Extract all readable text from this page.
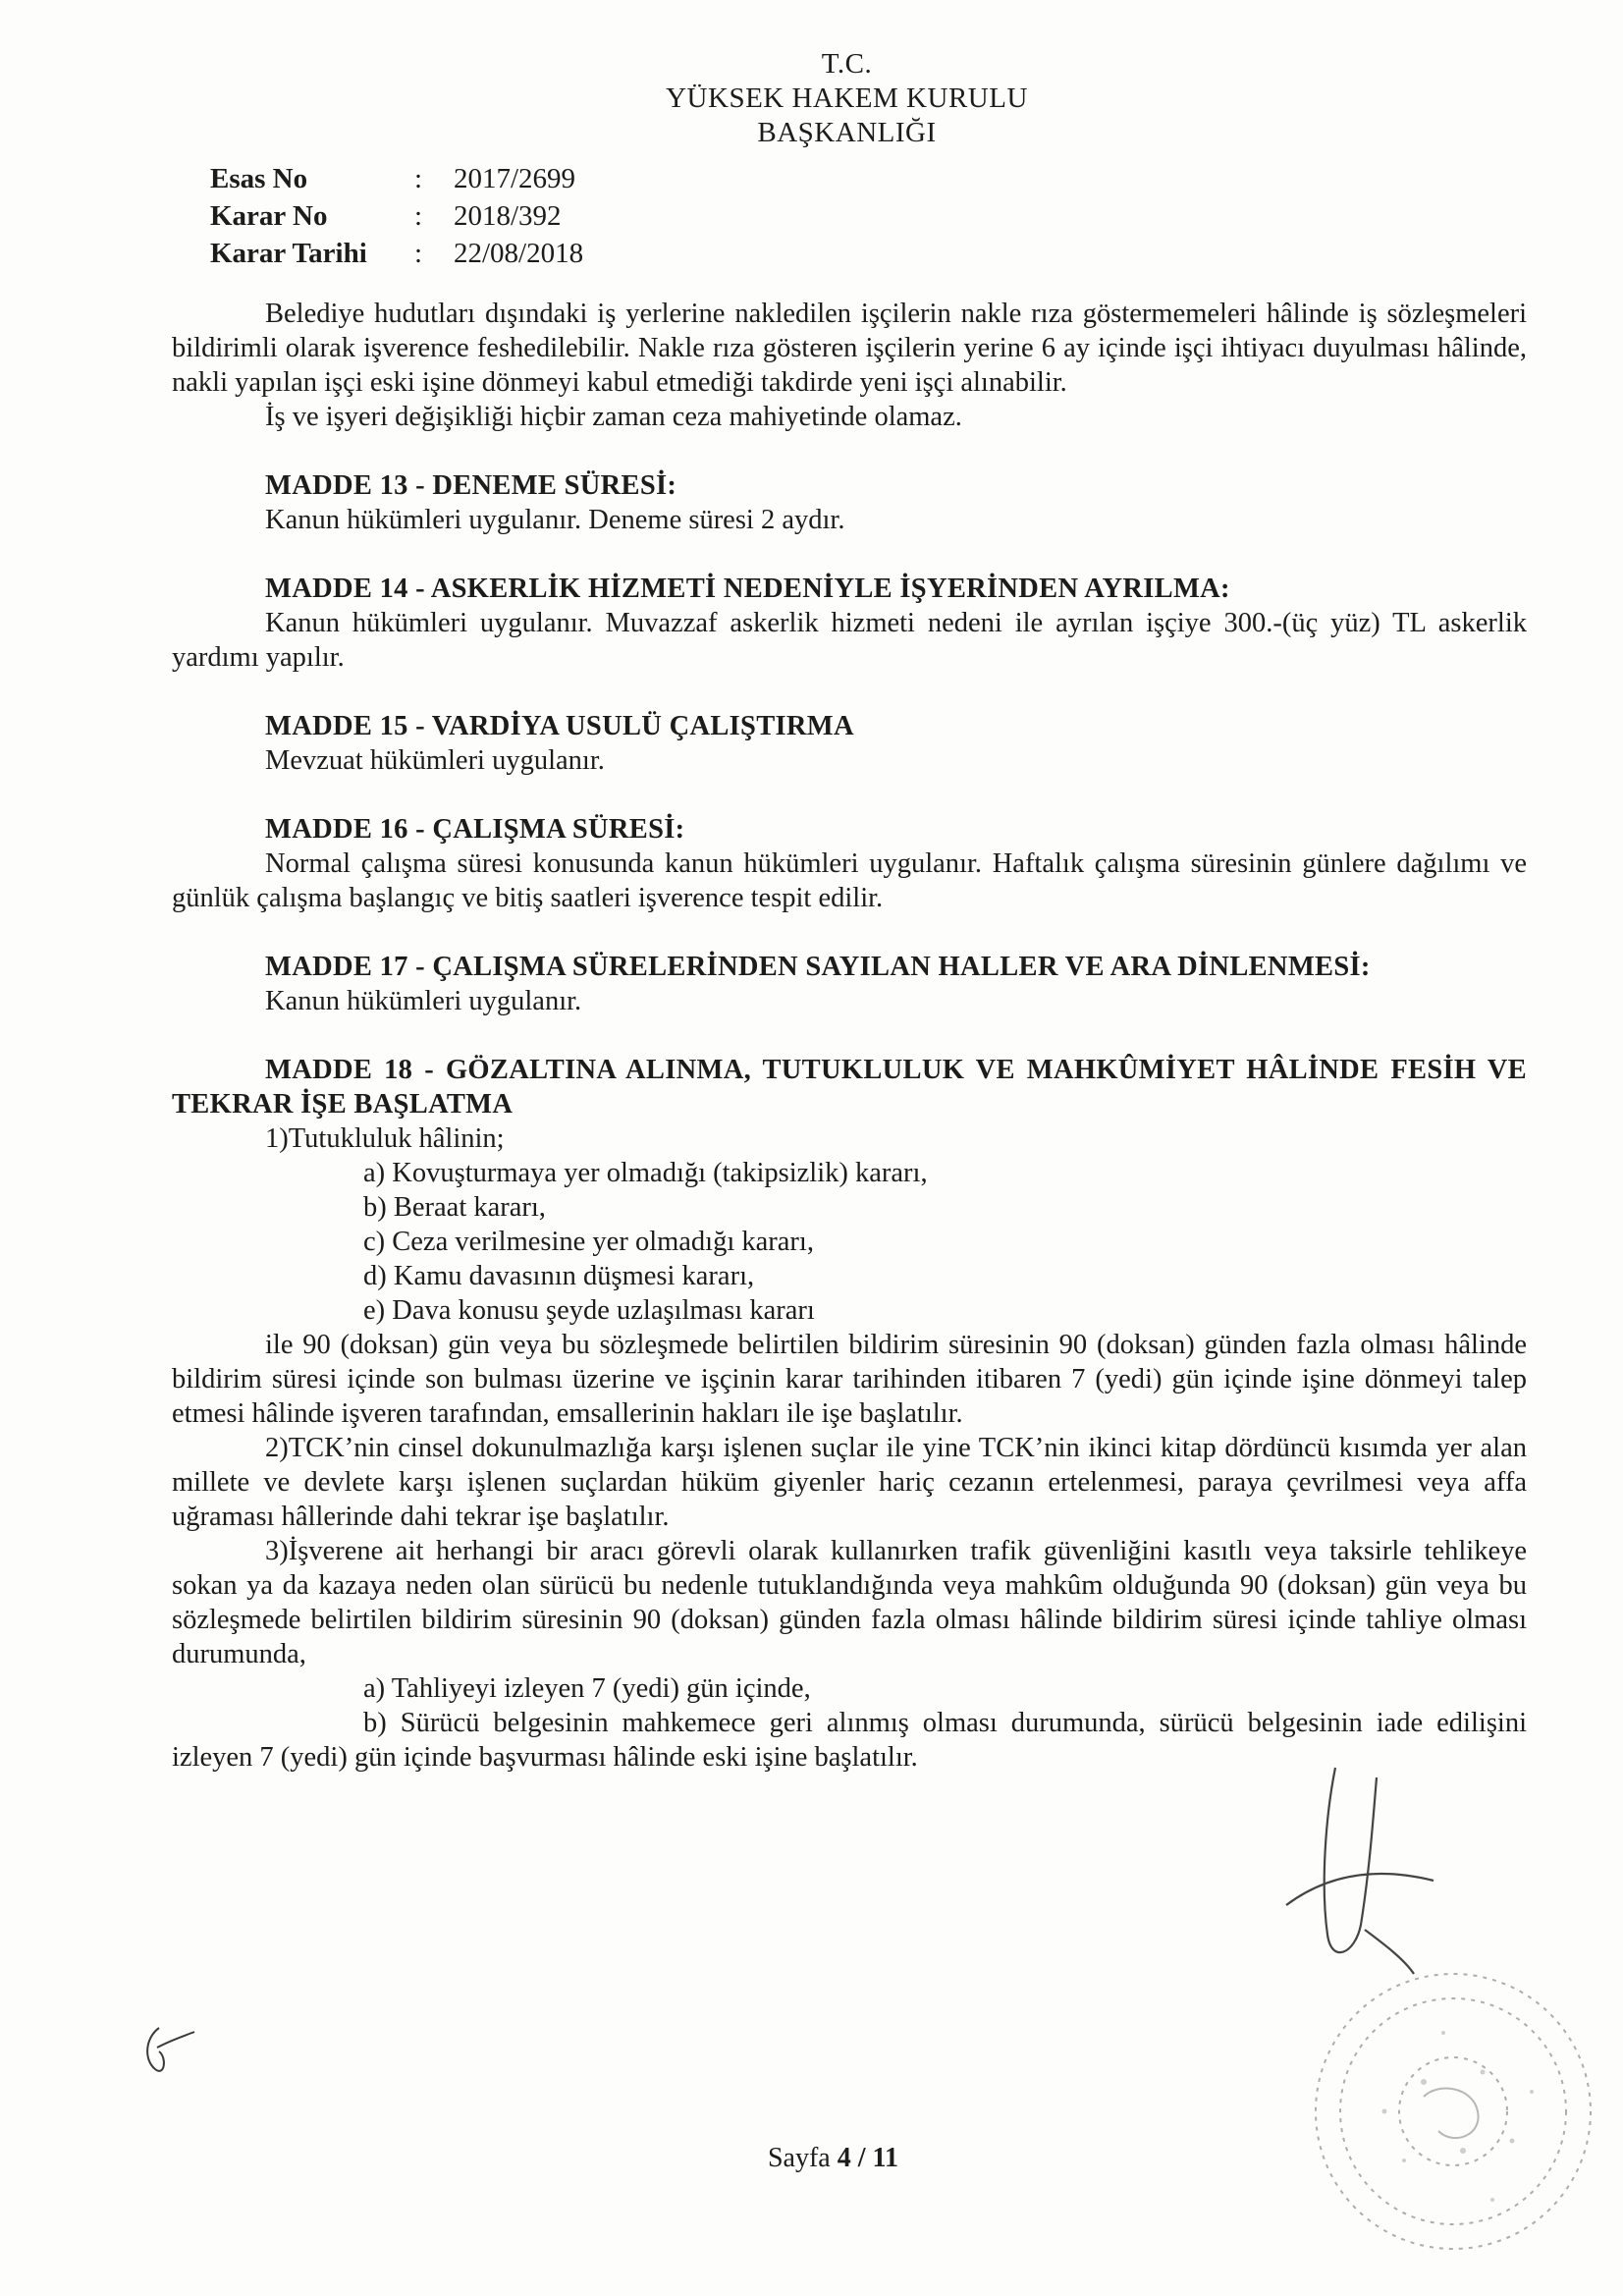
T.C.
YÜKSEK HAKEM KURULU
BAŞKANLIĞI
Esas No	:	2017/2699
Karar No	:	2018/392
Karar Tarihi	:	22/08/2018

Belediye hudutları dışındaki iş yerlerine nakledilen işçilerin nakle rıza göstermemeleri hâlinde iş sözleşmeleri bildirimli olarak işverence feshedilebilir. Nakle rıza gösteren işçilerin yerine 6 ay içinde işçi ihtiyacı duyulması hâlinde, nakli yapılan işçi eski işine dönmeyi kabul etmediği takdirde yeni işçi alınabilir.

İş ve işyeri değişikliği hiçbir zaman ceza mahiyetinde olamaz.

MADDE 13 - DENEME SÜRESİ:

Kanun hükümleri uygulanır. Deneme süresi 2 aydır.

MADDE 14 - ASKERLİK HİZMETİ NEDENİYLE İŞYERİNDEN AYRILMA:

Kanun hükümleri uygulanır. Muvazzaf askerlik hizmeti nedeni ile ayrılan işçiye 300.-(üç yüz) TL askerlik yardımı yapılır.

MADDE 15 - VARDİYA USULÜ ÇALIŞTIRMA

Mevzuat hükümleri uygulanır.

MADDE 16 - ÇALIŞMA SÜRESİ:

Normal çalışma süresi konusunda kanun hükümleri uygulanır. Haftalık çalışma süresinin günlere dağılımı ve günlük çalışma başlangıç ve bitiş saatleri işverence tespit edilir.

MADDE 17 - ÇALIŞMA SÜRELERİNDEN SAYILAN HALLER VE ARA DİNLENMESİ:

Kanun hükümleri uygulanır.

MADDE 18 - GÖZALTINA ALINMA, TUTUKLULUK VE MAHKÛMİYET HÂLİNDE FESİH VE TEKRAR İŞE BAŞLATMA

1)Tutukluluk hâlinin;

a) Kovuşturmaya yer olmadığı (takipsizlik) kararı,

b) Beraat kararı,

c) Ceza verilmesine yer olmadığı kararı,

d) Kamu davasının düşmesi kararı,

e) Dava konusu şeyde uzlaşılması kararı

ile 90 (doksan) gün veya bu sözleşmede belirtilen bildirim süresinin 90 (doksan) günden fazla olması hâlinde bildirim süresi içinde son bulması üzerine ve işçinin karar tarihinden itibaren 7 (yedi) gün içinde işine dönmeyi talep etmesi hâlinde işveren tarafından, emsallerinin hakları ile işe başlatılır.

2)TCK’nin cinsel dokunulmazlığa karşı işlenen suçlar ile yine TCK’nin ikinci kitap dördüncü kısımda yer alan millete ve devlete karşı işlenen suçlardan hüküm giyenler hariç cezanın ertelenmesi, paraya çevrilmesi veya affa uğraması hâllerinde dahi tekrar işe başlatılır.

3)İşverene ait herhangi bir aracı görevli olarak kullanırken trafik güvenliğini kasıtlı veya taksirle tehlikeye sokan ya da kazaya neden olan sürücü bu nedenle tutuklandığında veya mahkûm olduğunda 90 (doksan) gün veya bu sözleşmede belirtilen bildirim süresinin 90 (doksan) günden fazla olması hâlinde bildirim süresi içinde tahliye olması durumunda,

a) Tahliyeyi izleyen 7 (yedi) gün içinde,

b) Sürücü belgesinin mahkemece geri alınmış olması durumunda, sürücü belgesinin iade edilişini izleyen 7 (yedi) gün içinde başvurması hâlinde eski işine başlatılır.

Sayfa 4 / 11
